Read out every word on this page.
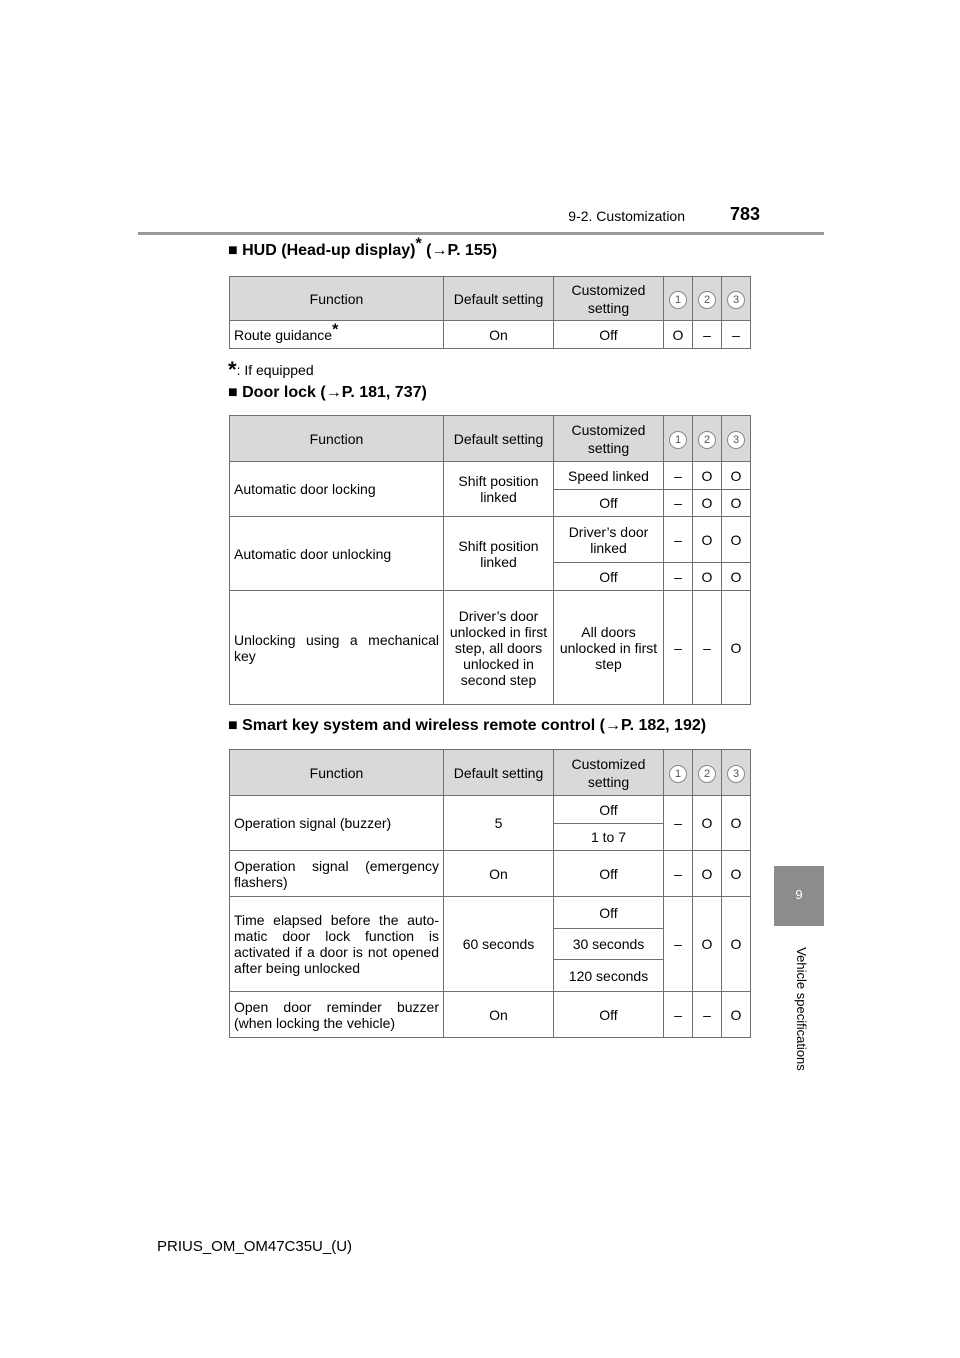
9-2. Customization	783
9
Vehicle specifications
■ HUD (Head-up display)* (→P. 155)
Function	Default setting	Customized setting	1	2	3
Route guidance*	On	Off	O	–	–
*: If equipped
■ Door lock (→P. 181, 737)
Function	Default setting	Customized setting	1	2	3
Automatic door locking	Shift position linked	Speed linked	–	O	O
		Off	–	O	O
Automatic door unlocking	Shift position linked	Driver’s door linked	–	O	O
		Off	–	O	O
Unlocking using a mechanical key	Driver’s door unlocked in first step, all doors unlocked in second step	All doors unlocked in first step	–	–	O
■ Smart key system and wireless remote control (→P. 182, 192)
Function	Default setting	Customized setting	1	2	3
Operation signal (buzzer)	5	Off	–	O	O
		1 to 7			
Operation signal (emergency flashers)	On	Off	–	O	O
Time elapsed before the auto-matic door lock function is activated if a door is not opened after being unlocked	60 seconds	Off	–	O	O
		30 seconds			
		120 seconds			
Open door reminder buzzer (when locking the vehicle)	On	Off	–	–	O
PRIUS_OM_OM47C35U_(U)
